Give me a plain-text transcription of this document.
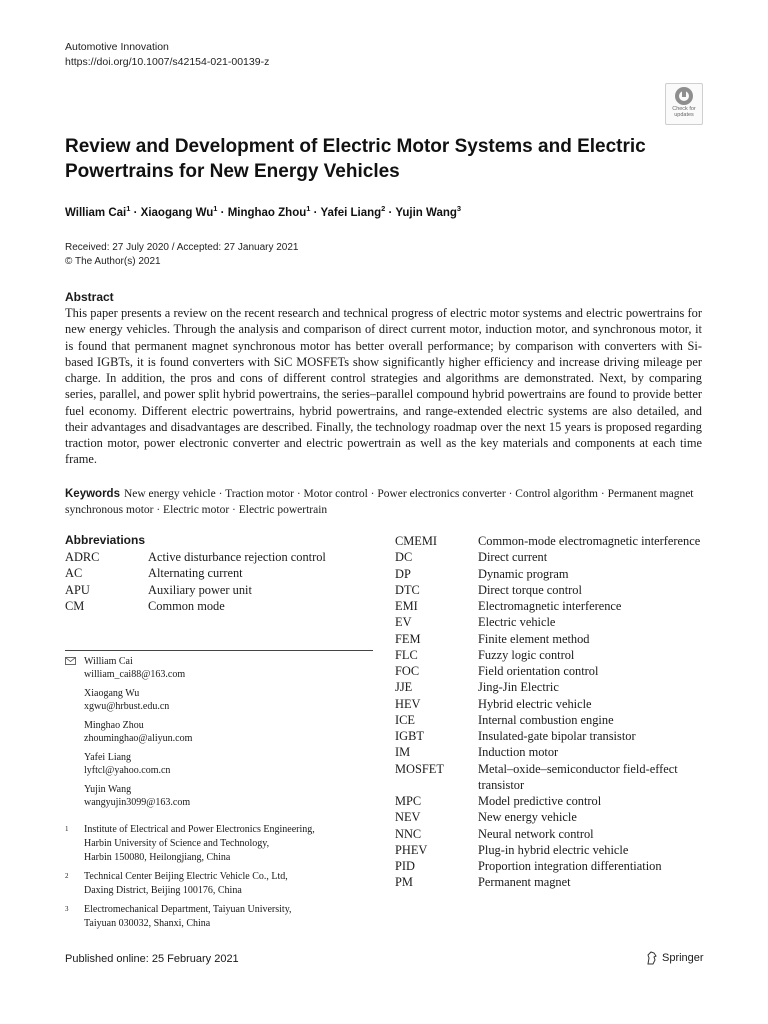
Automotive Innovation
https://doi.org/10.1007/s42154-021-00139-z
Check for
updates
Review and Development of Electric Motor Systems and Electric Powertrains for New Energy Vehicles
William Cai$^1$ · Xiaogang $Wu^1$ · Minghao Zhou$^1$ · Yafei Liang$^2$ · Yujin Wang$^3$
Received: 27 July 2020 / Accepted: 27 January 2021
© The Author(s) 2021
Abstract
This paper presents a review on the recent research and technical progress of electric motor systems and electric powertrains for new energy vehicles. Through the analysis and comparison of direct current motor, induction motor, and synchronous motor, it is found that permanent magnet synchronous motor has better overall performance; by comparison with converters with Si-based IGBTs, it is found converters with SiC MOSFETs show significantly higher efficiency and increase driving mileage per charge. In addition, the pros and cons of different control strategies and algorithms are demonstrated. Next, by comparing series, parallel, and power split hybrid powertrains, the series–parallel compound hybrid powertrains are found to provide better fuel economy. Different electric powertrains, hybrid powertrains, and range-extended electric systems are also detailed, and their advantages and disadvantages are described. Finally, the technology roadmap over the next 15 years is proposed regarding traction motor, power electronic converter and electric powertrain as well as the key materials and components at each time frame.
Keywords New energy vehicle · Traction motor · Motor control · Power electronics converter · Control algorithm · Permanent magnet synchronous motor · Electric motor · Electric powertrain
Abbreviations
ADRC	Active disturbance rejection control
AC	Alternating current
APU	Auxiliary power unit
CM	Common mode
William Cai
william_cai88@163.com
Xiaogang Wu
xgwu@hrbust.edu.cn
Minghao Zhou
zhouminghao@aliyun.com
Yafei Liang
lyftcl@yahoo.com.cn
Yujin Wang
wangyujin3099@163.com
1	Institute of Electrical and Power Electronics Engineering,
Harbin University of Science and Technology,
Harbin 150080, Heilongjiang, China
2	Technical Center Beijing Electric Vehicle Co., Ltd,
Daxing District, Beijing 100176, China
3	Electromechanical Department, Taiyuan University,
Taiyuan 030032, Shanxi, China
CMEMI	Common-mode electromagnetic interference
DC	Direct current
DP	Dynamic program
DTC	Direct torque control
EMI	Electromagnetic interference
EV	Electric vehicle
FEM	Finite element method
FLC	Fuzzy logic control
FOC	Field orientation control
JJE	Jing-Jin Electric
HEV	Hybrid electric vehicle
ICE	Internal combustion engine
IGBT	Insulated-gate bipolar transistor
IM	Induction motor
MOSFET	Metal–oxide–semiconductor field-effect transistor
MPC	Model predictive control
NEV	New energy vehicle
NNC	Neural network control
PHEV	Plug-in hybrid electric vehicle
PID	Proportion integration differentiation
PM	Permanent magnet
Published online: 25 February 2021	Springer
